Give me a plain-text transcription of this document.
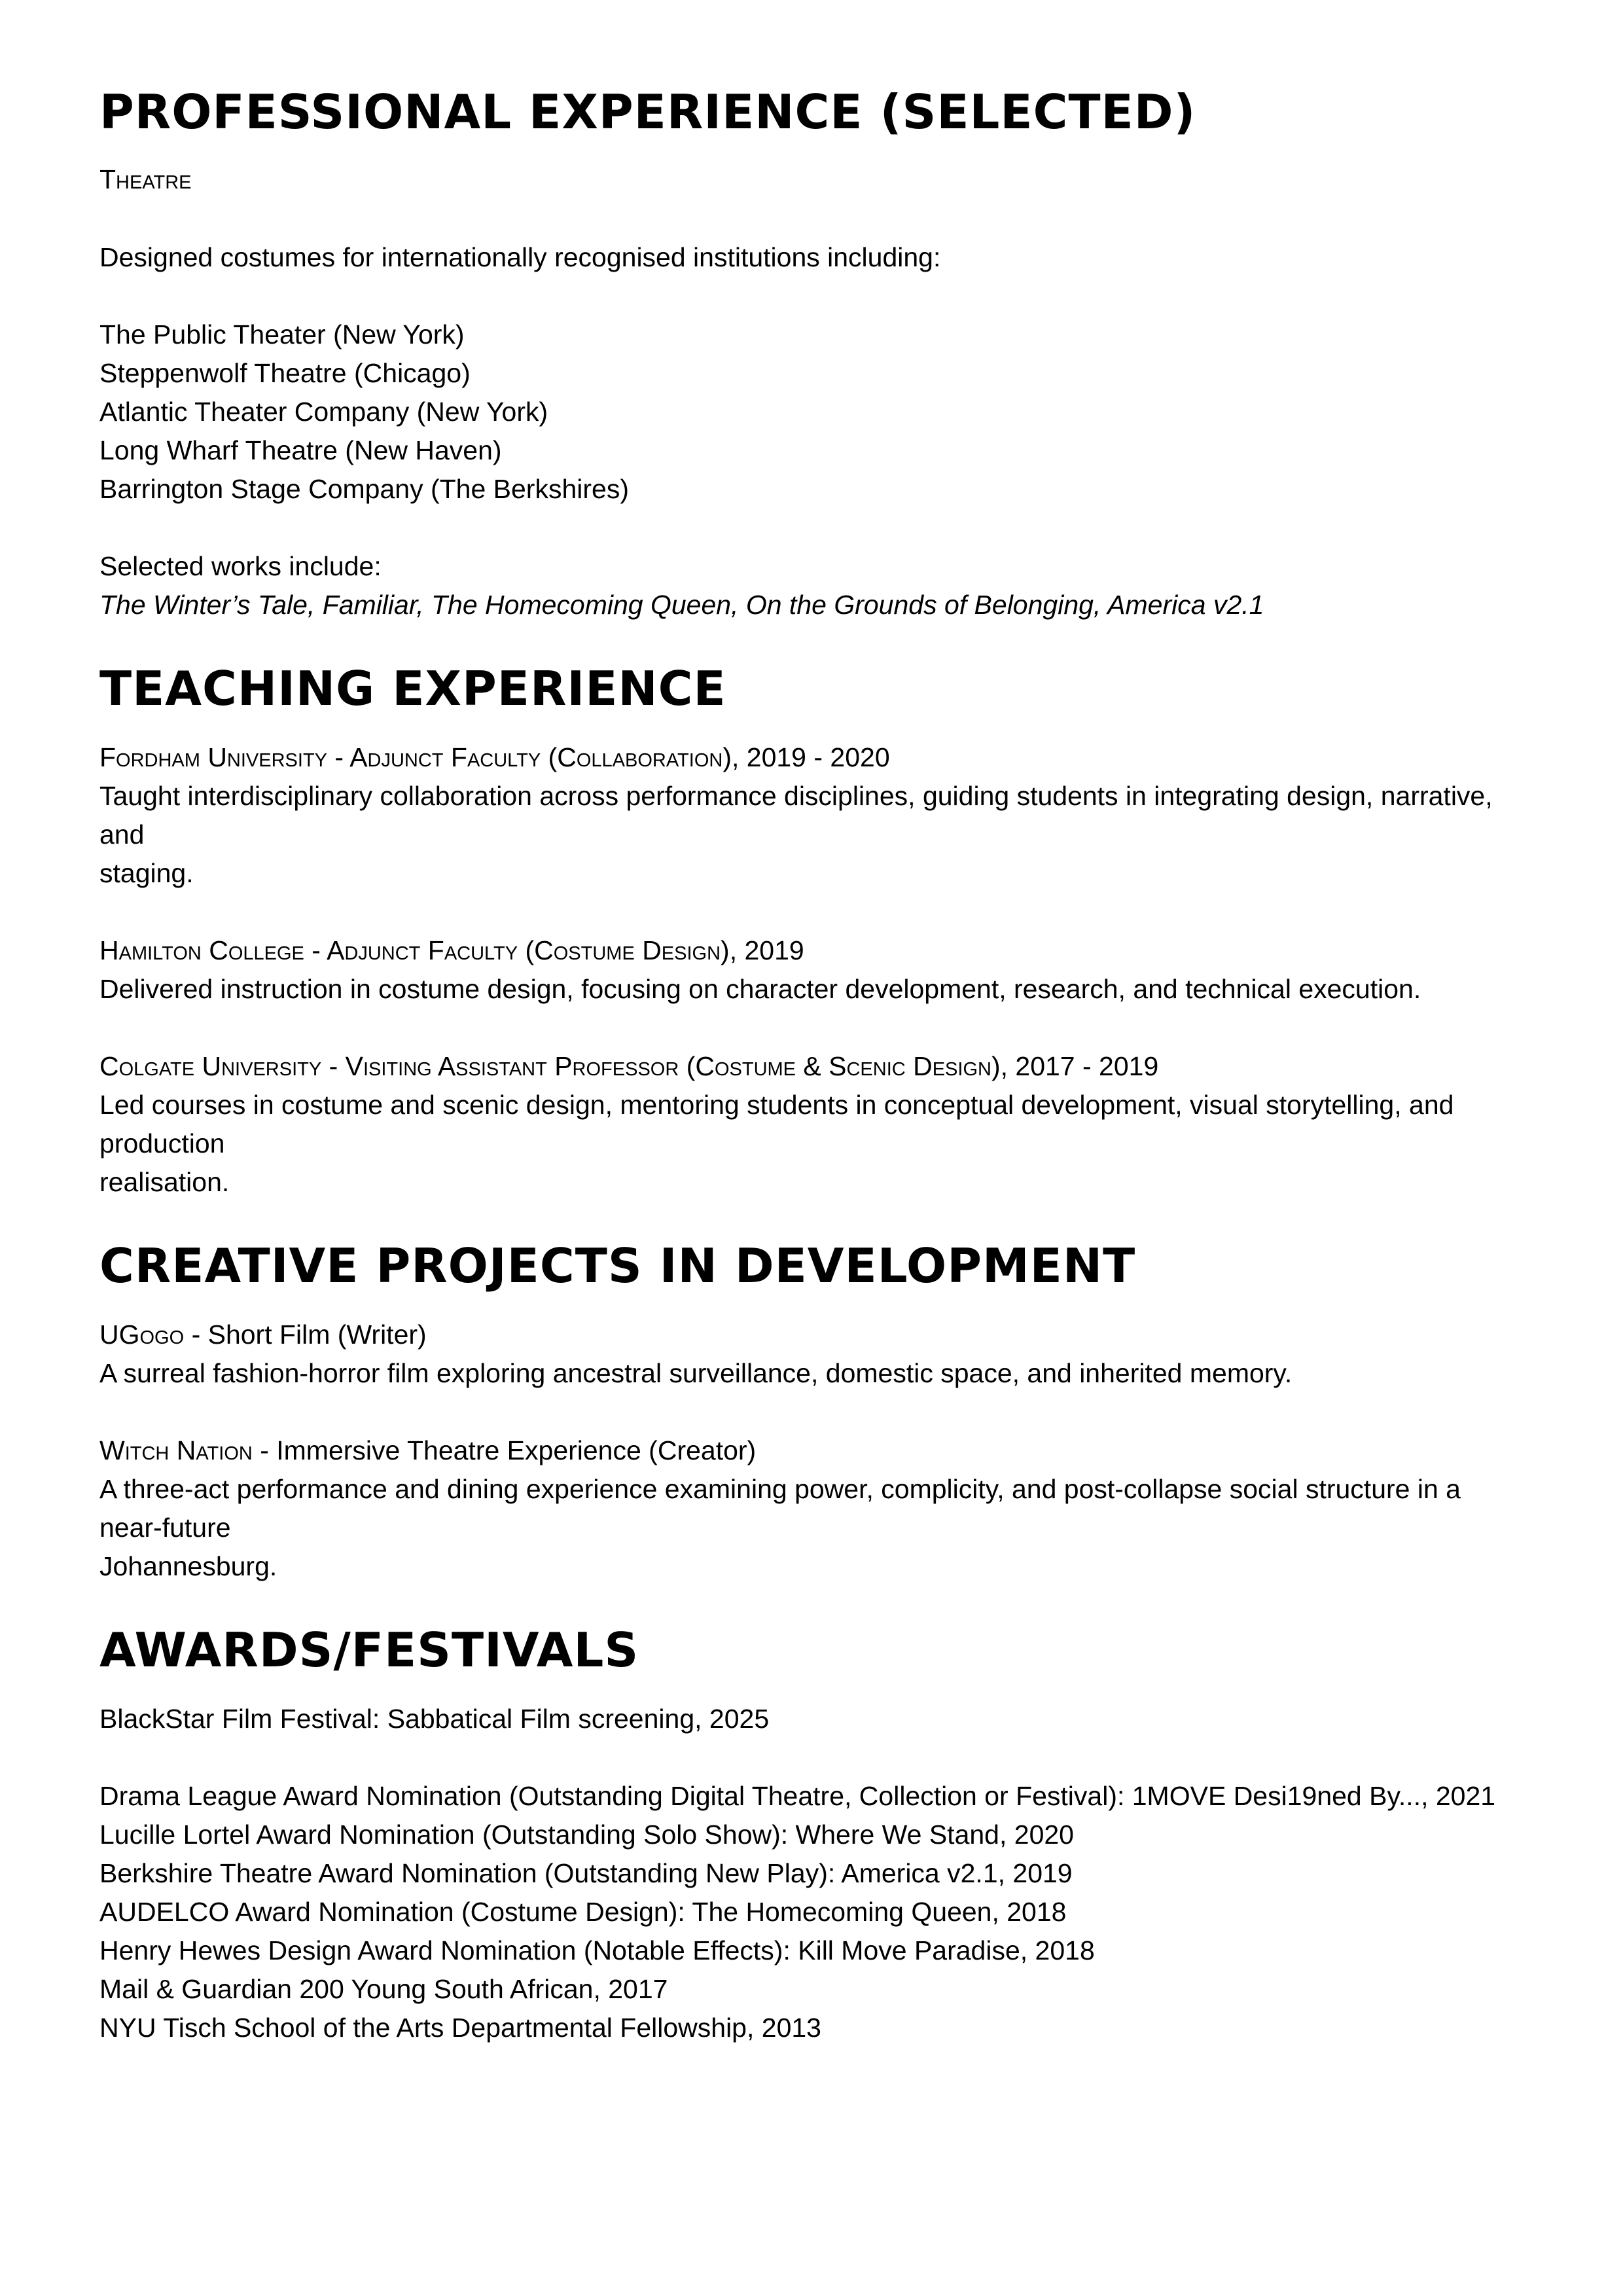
PROFESSIONAL EXPERIENCE (SELECTED)

Theatre

Designed costumes for internationally recognised institutions including:

The Public Theater (New York)

Steppenwolf Theatre (Chicago)

Atlantic Theater Company (New York)

Long Wharf Theatre (New Haven)

Barrington Stage Company (The Berkshires)

Selected works include:

The Winter’s Tale, Familiar, The Homecoming Queen, On the Grounds of Belonging, America v2.1

TEACHING EXPERIENCE

Fordham University - Adjunct Faculty (Collaboration), 2019 - 2020

Taught interdisciplinary collaboration across performance disciplines, guiding students in integrating design, narrative, and

staging.

Hamilton College - Adjunct Faculty (Costume Design), 2019

Delivered instruction in costume design, focusing on character development, research, and technical execution.

Colgate University - Visiting Assistant Professor (Costume & Scenic Design), 2017 - 2019

Led courses in costume and scenic design, mentoring students in conceptual development, visual storytelling, and production

realisation.

CREATIVE PROJECTS IN DEVELOPMENT

UGogo - Short Film (Writer)

A surreal fashion-horror film exploring ancestral surveillance, domestic space, and inherited memory.

Witch Nation - Immersive Theatre Experience (Creator)

A three-act performance and dining experience examining power, complicity, and post-collapse social structure in a near-future

Johannesburg.

AWARDS/FESTIVALS

BlackStar Film Festival: Sabbatical Film screening, 2025

Drama League Award Nomination (Outstanding Digital Theatre, Collection or Festival): 1MOVE Desi19ned By..., 2021

Lucille Lortel Award Nomination (Outstanding Solo Show): Where We Stand, 2020

Berkshire Theatre Award Nomination (Outstanding New Play): America v2.1, 2019

AUDELCO Award Nomination (Costume Design): The Homecoming Queen, 2018

Henry Hewes Design Award Nomination (Notable Effects): Kill Move Paradise, 2018

Mail & Guardian 200 Young South African, 2017

NYU Tisch School of the Arts Departmental Fellowship, 2013
